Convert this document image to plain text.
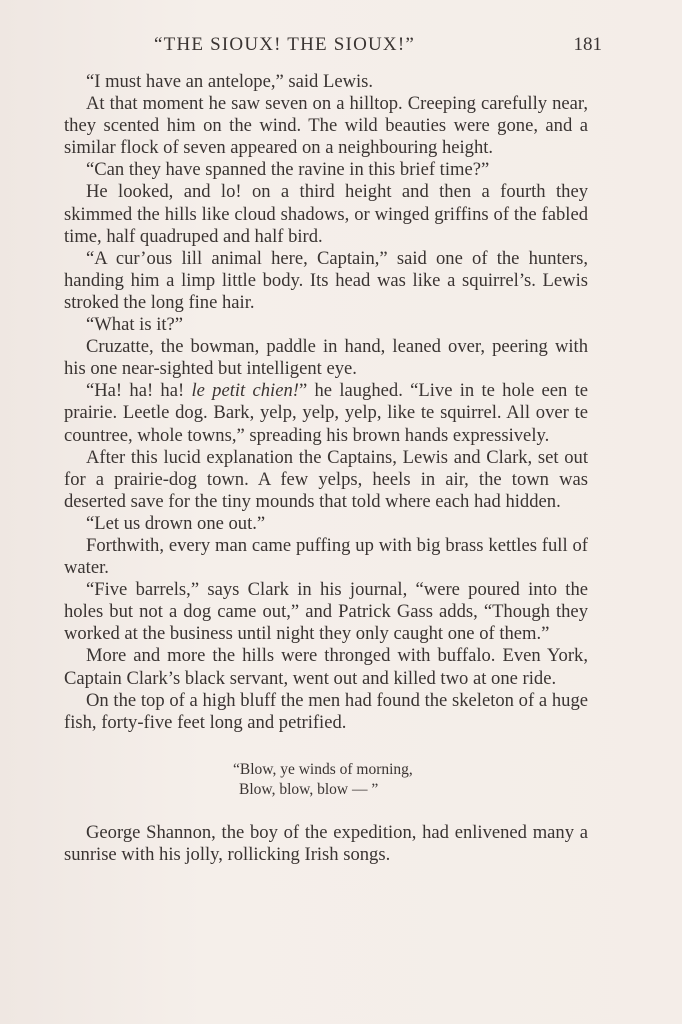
“THE SIOUX! THE SIOUX!”	181

“I must have an antelope,” said Lewis.

At that moment he saw seven on a hilltop. Creeping carefully near, they scented him on the wind. The wild beauties were gone, and a similar flock of seven appeared on a neighbouring height.

“Can they have spanned the ravine in this brief time?”

He looked, and lo! on a third height and then a fourth they skimmed the hills like cloud shadows, or winged griffins of the fabled time, half quadruped and half bird.

“A cur’ous lill animal here, Captain,” said one of the hunters, handing him a limp little body. Its head was like a squirrel’s. Lewis stroked the long fine hair.

“What is it?”

Cruzatte, the bowman, paddle in hand, leaned over, peering with his one near-sighted but intelligent eye.

“Ha! ha! ha! le petit chien!” he laughed. “Live in te hole een te prairie. Leetle dog. Bark, yelp, yelp, yelp, like te squirrel. All over te countree, whole towns,” spreading his brown hands expressively.

After this lucid explanation the Captains, Lewis and Clark, set out for a prairie-dog town. A few yelps, heels in air, the town was deserted save for the tiny mounds that told where each had hidden.

“Let us drown one out.”

Forthwith, every man came puffing up with big brass kettles full of water.

“Five barrels,” says Clark in his journal, “were poured into the holes but not a dog came out,” and Patrick Gass adds, “Though they worked at the business until night they only caught one of them.”

More and more the hills were thronged with buffalo. Even York, Captain Clark’s black servant, went out and killed two at one ride.

On the top of a high bluff the men had found the skeleton of a huge fish, forty-five feet long and petrified.

“Blow, ye winds of morning,
Blow, blow, blow — ”

George Shannon, the boy of the expedition, had enlivened many a sunrise with his jolly, rollicking Irish songs.
